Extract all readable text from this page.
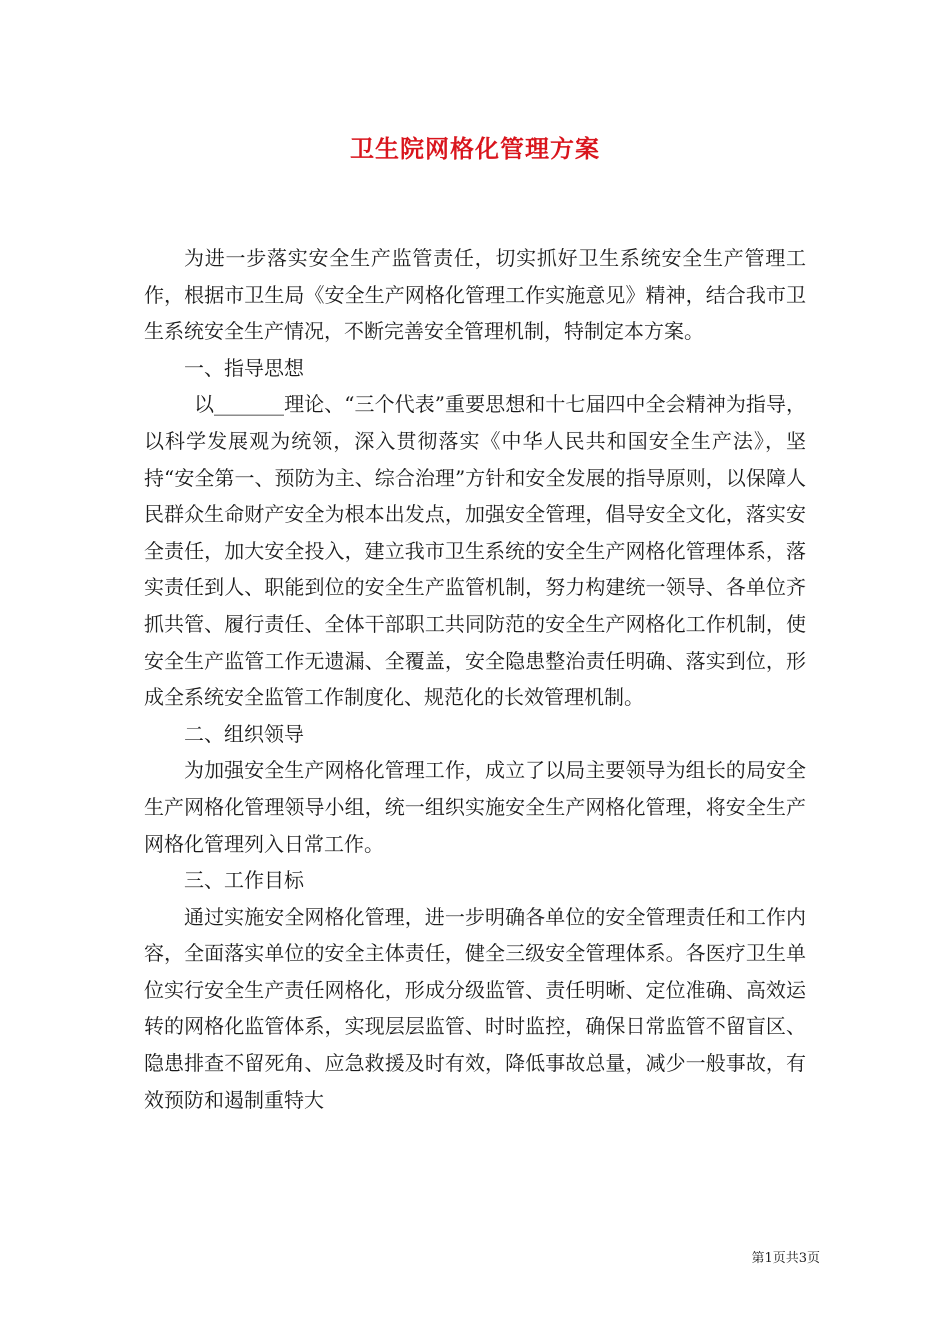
卫生院网格化管理方案

为进一步落实安全生产监管责任，切实抓好卫生系统安全生产管理工作，根据市卫生局《安全生产网格化管理工作实施意见》精神，结合我市卫生系统安全生产情况，不断完善安全管理机制，特制定本方案。

一、指导思想

以_______理论、“三个代表”重要思想和十七届四中全会精神为指导，以科学发展观为统领，深入贯彻落实《中华人民共和国安全生产法》，坚持“安全第一、预防为主、综合治理”方针和安全发展的指导原则，以保障人民群众生命财产安全为根本出发点，加强安全管理，倡导安全文化，落实安全责任，加大安全投入，建立我市卫生系统的安全生产网格化管理体系，落实责任到人、职能到位的安全生产监管机制，努力构建统一领导、各单位齐抓共管、履行责任、全体干部职工共同防范的安全生产网格化工作机制，使安全生产监管工作无遗漏、全覆盖，安全隐患整治责任明确、落实到位，形成全系统安全监管工作制度化、规范化的长效管理机制。

二、组织领导

为加强安全生产网格化管理工作，成立了以局主要领导为组长的局安全生产网格化管理领导小组，统一组织实施安全生产网格化管理，将安全生产网格化管理列入日常工作。

三、工作目标

通过实施安全网格化管理，进一步明确各单位的安全管理责任和工作内容，全面落实单位的安全主体责任，健全三级安全管理体系。各医疗卫生单位实行安全生产责任网格化，形成分级监管、责任明晰、定位准确、高效运转的网格化监管体系，实现层层监管、时时监控，确保日常监管不留盲区、隐患排查不留死角、应急救援及时有效，降低事故总量，减少一般事故，有效预防和遏制重特大

第1页共3页
